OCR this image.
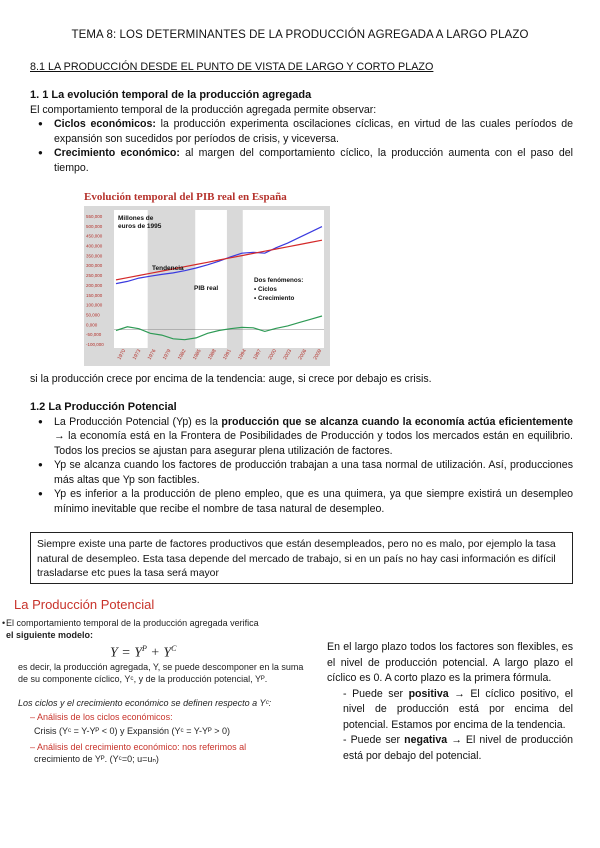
TEMA 8: LOS DETERMINANTES DE LA PRODUCCIÓN AGREGADA A LARGO PLAZO
8.1 LA PRODUCCIÓN DESDE EL PUNTO DE VISTA DE LARGO Y CORTO PLAZO
1. 1 La evolución temporal de la producción agregada
El comportamiento temporal de la producción agregada permite observar:
● Ciclos económicos: la producción experimenta oscilaciones cíclicas, en virtud de las cuales períodos de expansión son sucedidos por períodos de crisis, y viceversa.
● Crecimiento económico: al margen del comportamiento cíclico, la producción aumenta con el paso del tiempo.
Evolución temporal del PIB real en España
550,000
500,000
450,000
400,000
350,000
300,000
250,000
200,000
150,000
100,000
50,000
0,000
-50,000
-100,000
1970 1973 1976 1979 1982 1985 1988 1991 1994 1997 2000 2003 2006 2009
Millones de
euros de 1995
Tendencia
PIB real
Dos fenómenos:
• Ciclos
• Crecimiento
si la producción crece por encima de la tendencia: auge, si crece por debajo es crisis.
1.2 La Producción Potencial
● La Producción Potencial (Yp) es la producción que se alcanza cuando la economía actúa eficientemente → la economía está en la Frontera de Posibilidades de Producción y todos los mercados están en equilibrio. Todos los precios se ajustan para asegurar plena utilización de factores.
● Yp se alcanza cuando los factores de producción trabajan a una tasa normal de utilización. Así, producciones más altas que Yp son factibles.
● Yp es inferior a la producción de pleno empleo, que es una quimera, ya que siempre existirá un desempleo mínimo inevitable que recibe el nombre de tasa natural de desempleo.
Siempre existe una parte de factores productivos que están desempleados, pero no es malo, por ejemplo la tasa natural de desempleo. Esta tasa depende del mercado de trabajo, si en un país no hay casi información es difícil trasladarse etc pues la tasa será mayor
La Producción Potencial
• El comportamiento temporal de la producción agregada verifica
el siguiente modelo:
$Y = Y^P + Y^C$
es decir, la producción agregada, Y, se puede descomponer en la suma de su componente cíclico, Yᶜ, y de la producción potencial, Yᴾ.
Los ciclos y el crecimiento económico se definen respecto a Yᶜ:
– Análisis de los ciclos económicos:
Crisis (Yᶜ = Y-Yᴾ < 0) y Expansión (Yᶜ = Y-Yᴾ > 0)
– Análisis del crecimiento económico: nos referimos al
crecimiento de Yᴾ. (Yᶜ=0; u=uₙ)
En el largo plazo todos los factores son flexibles, es el nivel de producción potencial. A largo plazo el cíclico es 0. A corto plazo es la primera fórmula.
- Puede ser positiva → El cíclico positivo, el nivel de producción está por encima del potencial. Estamos por encima de la tendencia.
- Puede ser negativa → El nivel de producción está por debajo del potencial.
